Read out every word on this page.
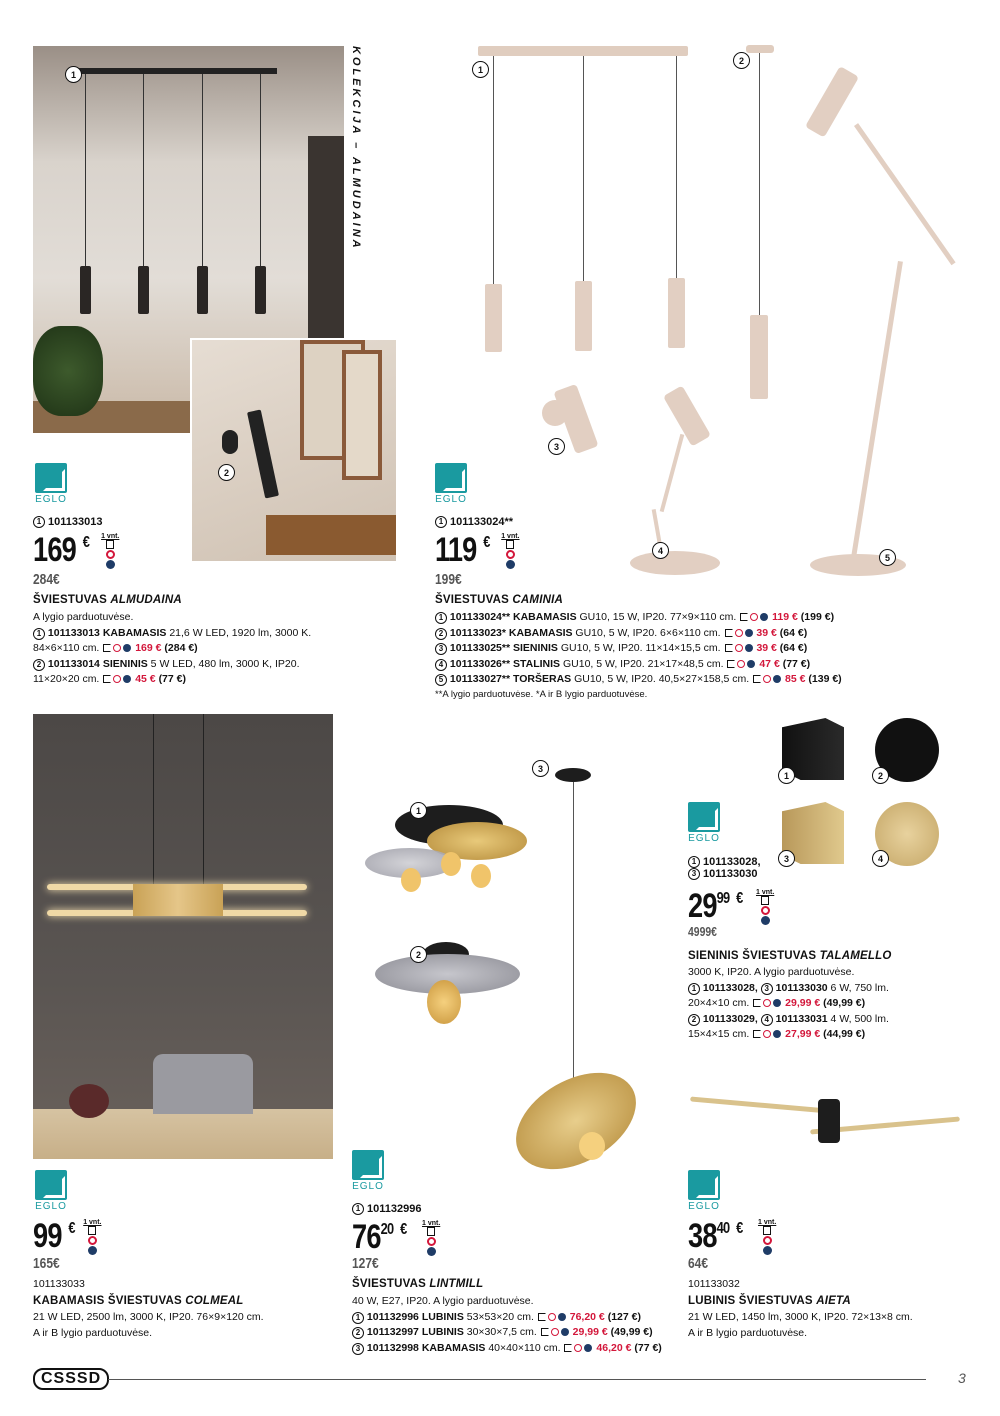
1	KOLEKCIJA – ALMUDAINA
2
EGLO
1 101133013
169 € 1 vnt.
284€
ŠVIESTUVAS ALMUDAINA
A lygio parduotuvėse.
1 101133013 KABAMASIS 21,6 W LED, 1920 lm, 3000 K.
84×6×110 cm.	169 € (284 €)
2 101133014 SIENINIS 5 W LED, 480 lm, 3000 K, IP20.
11×20×20 cm.	45 € (77 €)
1
2
5
3
4
EGLO
1 101133024**
119 € 1 vnt.
199€
ŠVIESTUVAS CAMINIA
1 101133024** KABAMASIS GU10, 15 W, IP20. 77×9×110 cm.	119 € (199 €)
2 101133023* KABAMASIS GU10, 5 W, IP20. 6×6×110 cm.	39 € (64 €)
3 101133025** SIENINIS GU10, 5 W, IP20. 11×14×15,5 cm.	39 € (64 €)
4 101133026** STALINIS GU10, 5 W, IP20. 21×17×48,5 cm.	47 € (77 €)
5 101133027** TORŠERAS GU10, 5 W, IP20. 40,5×27×158,5 cm.	85 € (139 €)
**A lygio parduotuvėse. *A ir B lygio parduotuvėse.
1	2
3	4
EGLO
1 101133028,
3 101133030
$29^{99}$ € 1 vnt.
4999€
SIENINIS ŠVIESTUVAS TALAMELLO
3000 K, IP20. A lygio parduotuvėse.
1 101133028, 3 101133030 6 W, 750 lm.
20×4×10 cm.	29,99 € (49,99 €)
2 101133029, 4 101133031 4 W, 500 lm.
15×4×15 cm.	27,99 € (44,99 €)
EGLO
99 € 1 vnt.
165€
101133033
KABAMASIS ŠVIESTUVAS COLMEAL
21 W LED, 2500 lm, 3000 K, IP20. 76×9×120 cm.
A ir B lygio parduotuvėse.
1
2
3
EGLO
1 101132996
$76^{20}$ € 1 vnt.
127€
ŠVIESTUVAS LINTMILL
40 W, E27, IP20. A lygio parduotuvėse.
1 101132996 LUBINIS 53×53×20 cm.	76,20 € (127 €)
2 101132997 LUBINIS 30×30×7,5 cm.	29,99 € (49,99 €)
3 101132998 KABAMASIS 40×40×110 cm.	46,20 € (77 €)
EGLO
$38^{40}$ € 1 vnt.
64€
101133032
LUBINIS ŠVIESTUVAS AIETA
21 W LED, 1450 lm, 3000 K, IP20. 72×13×8 cm.
A ir B lygio parduotuvėse.
CSSSD	3
